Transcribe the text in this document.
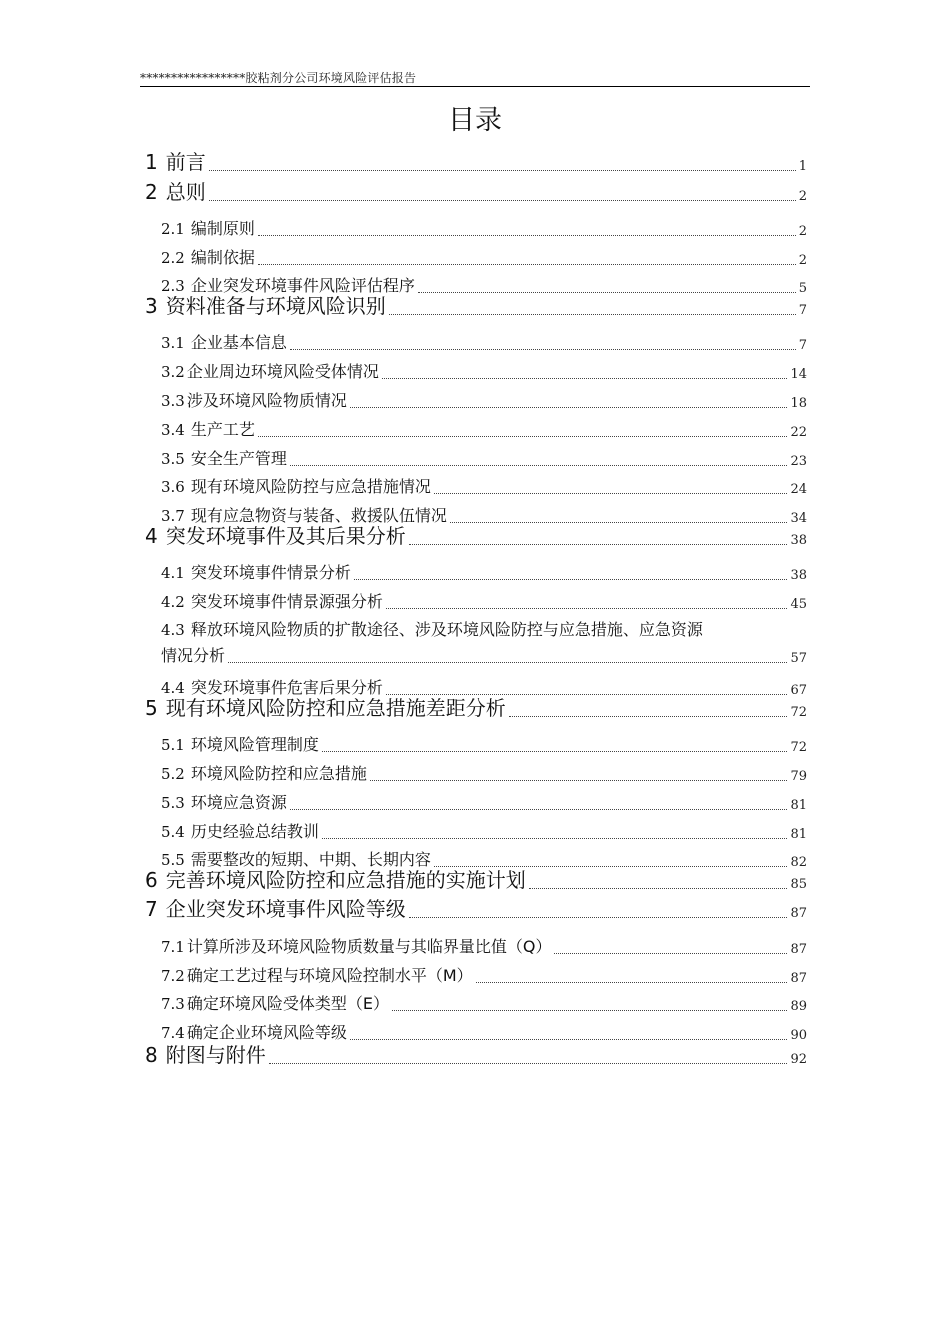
*****************胶粘剂分公司环境风险评估报告
目录
1 前言	1
2 总则	2
2.1 编制原则	2
2.2 编制依据	2
2.3 企业突发环境事件风险评估程序	5
3 资料准备与环境风险识别	7
3.1 企业基本信息	7
3.2 企业周边环境风险受体情况	14
3.3 涉及环境风险物质情况	18
3.4 生产工艺	22
3.5 安全生产管理	23
3.6 现有环境风险防控与应急措施情况	24
3.7 现有应急物资与装备、救援队伍情况	34
4 突发环境事件及其后果分析	38
4.1 突发环境事件情景分析	38
4.2 突发环境事件情景源强分析	45
4.3 释放环境风险物质的扩散途径、涉及环境风险防控与应急措施、应急资源
情况分析	57
4.4 突发环境事件危害后果分析	67
5 现有环境风险防控和应急措施差距分析	72
5.1 环境风险管理制度	72
5.2 环境风险防控和应急措施	79
5.3 环境应急资源	81
5.4 历史经验总结教训	81
5.5 需要整改的短期、中期、长期内容	82
6 完善环境风险防控和应急措施的实施计划	85
7 企业突发环境事件风险等级	87
7.1 计算所涉及环境风险物质数量与其临界量比值（Q）	87
7.2 确定工艺过程与环境风险控制水平（M）	87
7.3 确定环境风险受体类型（E）	89
7.4 确定企业环境风险等级	90
8 附图与附件	92
